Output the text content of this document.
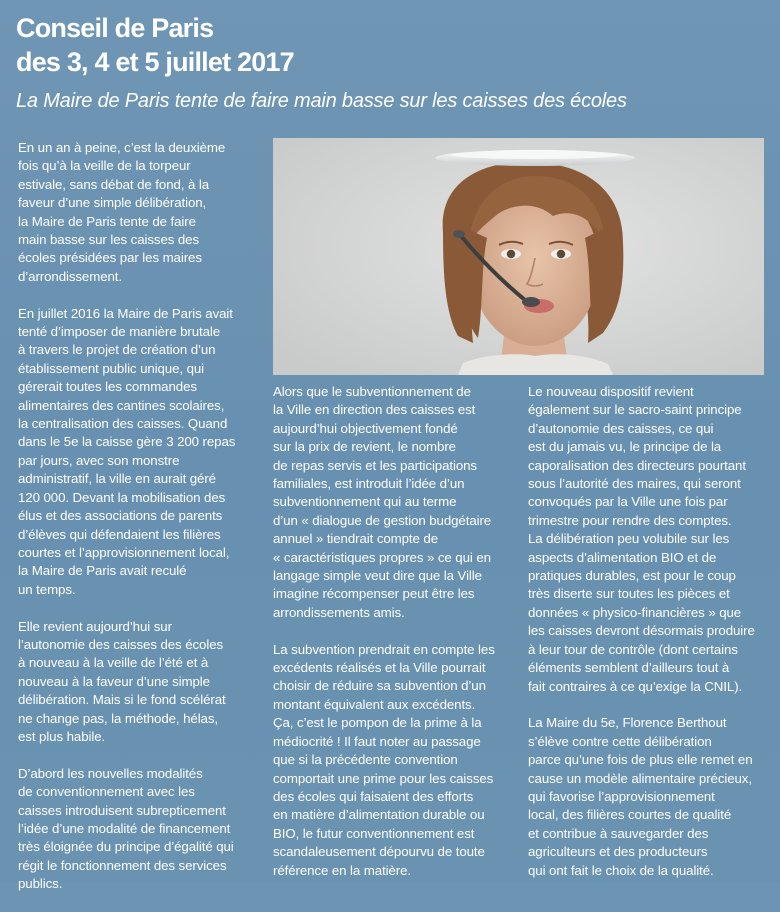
Conseil de Paris
des 3, 4 et 5 juillet 2017
La Maire de Paris tente de faire main basse sur les caisses des écoles

En un an à peine, c’est la deuxième
fois qu’à la veille de la torpeur
estivale, sans débat de fond, à la
faveur d’une simple délibération,
la Maire de Paris tente de faire
main basse sur les caisses des
écoles présidées par les maires
d’arrondissement.

En juillet 2016 la Maire de Paris avait
tenté d’imposer de manière brutale
à travers le projet de création d’un
établissement public unique, qui
gérerait toutes les commandes
alimentaires des cantines scolaires,
la centralisation des caisses. Quand
dans le 5e la caisse gère 3 200 repas
par jours, avec son monstre
administratif, la ville en aurait géré
120 000. Devant la mobilisation des
élus et des associations de parents
d’élèves qui défendaient les filières
courtes et l’approvisionnement local,
la Maire de Paris avait reculé
un temps.

Elle revient aujourd’hui sur
l’autonomie des caisses des écoles
à nouveau à la veille de l’été et à
nouveau à la faveur d’une simple
délibération. Mais si le fond scélérat
ne change pas, la méthode, hélas,
est plus habile.

D’abord les nouvelles modalités
de conventionnement avec les
caisses introduisent subrepticement
l’idée d’une modalité de financement
très éloignée du principe d’égalité qui
régit le fonctionnement des services
publics.

Alors que le subventionnement de
la Ville en direction des caisses est
aujourd’hui objectivement fondé
sur la prix de revient, le nombre
de repas servis et les participations
familiales, est introduit l’idée d’un
subventionnement qui au terme
d’un « dialogue de gestion budgétaire
annuel » tiendrait compte de
« caractéristiques propres » ce qui en
langage simple veut dire que la Ville
imagine récompenser peut être les
arrondissements amis.

La subvention prendrait en compte les
excédents réalisés et la Ville pourrait
choisir de réduire sa subvention d’un
montant équivalent aux excédents.
Ça, c’est le pompon de la prime à la
médiocrité ! Il faut noter au passage
que si la précédente convention
comportait une prime pour les caisses
des écoles qui faisaient des efforts
en matière d’alimentation durable ou
BIO, le futur conventionnement est
scandaleusement dépourvu de toute
référence en la matière.

Le nouveau dispositif revient
également sur le sacro-saint principe
d’autonomie des caisses, ce qui
est du jamais vu, le principe de la
caporalisation des directeurs pourtant
sous l’autorité des maires, qui seront
convoqués par la Ville une fois par
trimestre pour rendre des comptes.
La délibération peu volubile sur les
aspects d’alimentation BIO et de
pratiques durables, est pour le coup
très diserte sur toutes les pièces et
données « physico-financières » que
les caisses devront désormais produire
à leur tour de contrôle (dont certains
éléments semblent d’ailleurs tout à
fait contraires à ce qu’exige la CNIL).

La Maire du 5e, Florence Berthout
s’élève contre cette délibération
parce qu’une fois de plus elle remet en
cause un modèle alimentaire précieux,
qui favorise l’approvisionnement
local, des filières courtes de qualité
et contribue à sauvegarder des
agriculteurs et des producteurs
qui ont fait le choix de la qualité.
